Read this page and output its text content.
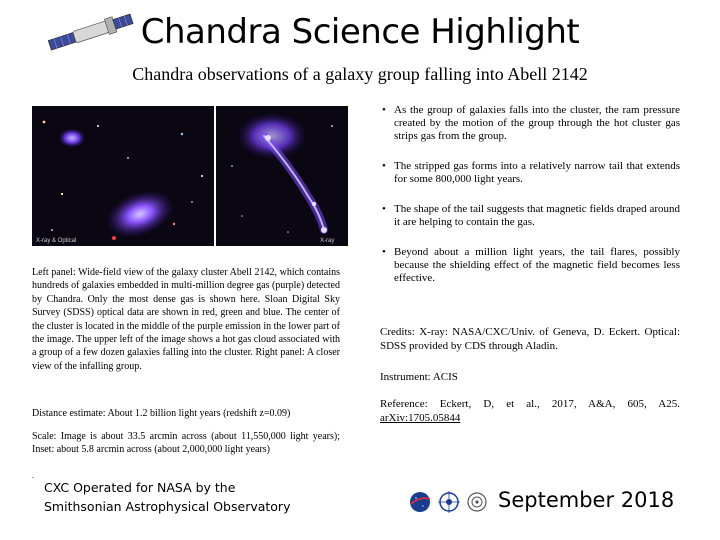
Chandra Science Highlight
Chandra observations of a galaxy group falling into Abell 2142
X-ray & Optical	X-ray
Left panel: Wide-field view of the galaxy cluster Abell 2142, which contains hundreds of galaxies embedded in multi-million degree gas (purple) detected by Chandra. Only the most dense gas is shown here. Sloan Digital Sky Survey (SDSS) optical data are shown in red, green and blue. The center of the cluster is located in the middle of the purple emission in the lower part of the image. The upper left of the image shows a hot gas cloud associated with a group of a few dozen galaxies falling into the cluster. Right panel: A closer view of the infalling group.
Distance estimate: About 1.2 billion light years (redshift z=0.09)
Scale: Image is about 33.5 arcmin across (about 11,550,000 light years); Inset: about 5.8 arcmin across (about 2,000,000 light years)
.
CXC Operated for NASA by the
Smithsonian Astrophysical Observatory
• As the group of galaxies falls into the cluster, the ram pressure created by the motion of the group through the hot cluster gas strips gas from the group.
• The stripped gas forms into a relatively narrow tail that extends for some 800,000 light years.
• The shape of the tail suggests that magnetic fields draped around it are helping to contain the gas.
• Beyond about a million light years, the tail flares, possibly because the shielding effect of the magnetic field becomes less effective.
Credits: X-ray: NASA/CXC/Univ. of Geneva, D. Eckert. Optical: SDSS provided by CDS through Aladin.
Instrument: ACIS
Reference: Eckert, D, et al., 2017, A&A, 605, A25. arXiv:1705.05844
September 2018
